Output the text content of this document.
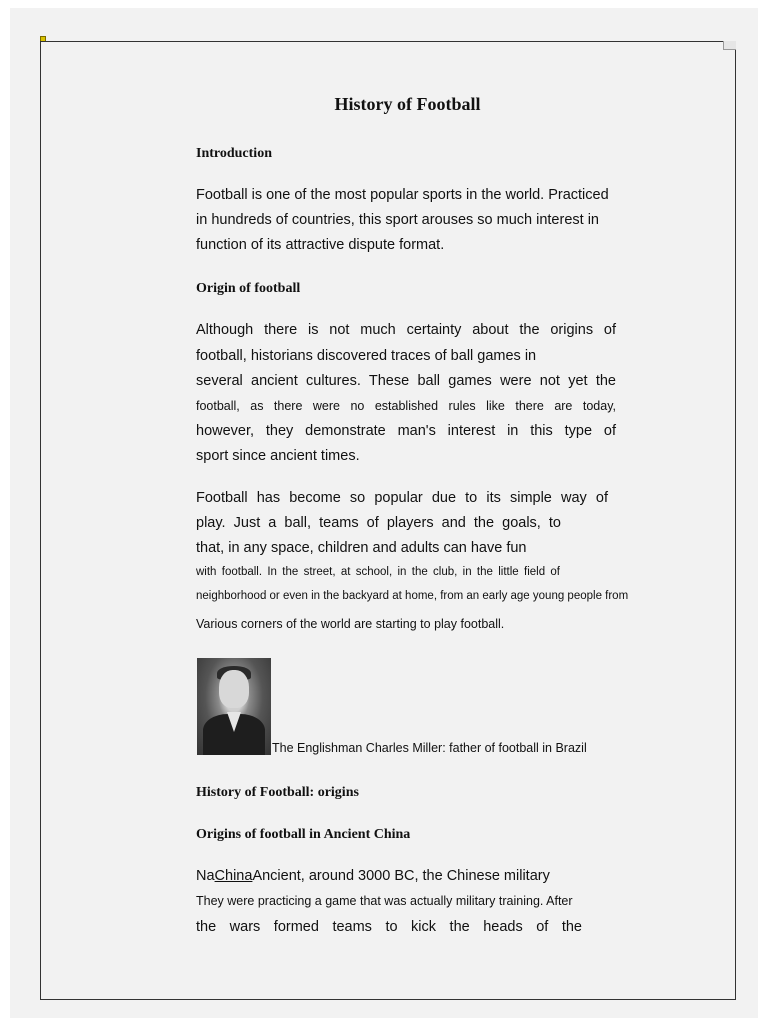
History of Football
Introduction
Football is one of the most popular sports in the world. Practiced
in hundreds of countries, this sport arouses so much interest in
function of its attractive dispute format.
Origin of football
Although there is not much certainty about the origins of
football, historians discovered traces of ball games in
several ancient cultures. These ball games were not yet the
football, as there were no established rules like there are today,
however, they demonstrate man's interest in this type of
sport since ancient times.
Football has become so popular due to its simple way of
play. Just a ball, teams of players and the goals, to
that, in any space, children and adults can have fun
with football. In the street, at school, in the club, in the little field of
neighborhood or even in the backyard at home, from an early age young people from
Various corners of the world are starting to play football.
History of Football: origins
Origins of football in Ancient China
NaChinaAncient, around 3000 BC, the Chinese military
They were practicing a game that was actually military training. After
the wars formed teams to kick the heads of the
The Englishman Charles Miller: father of football in Brazil
